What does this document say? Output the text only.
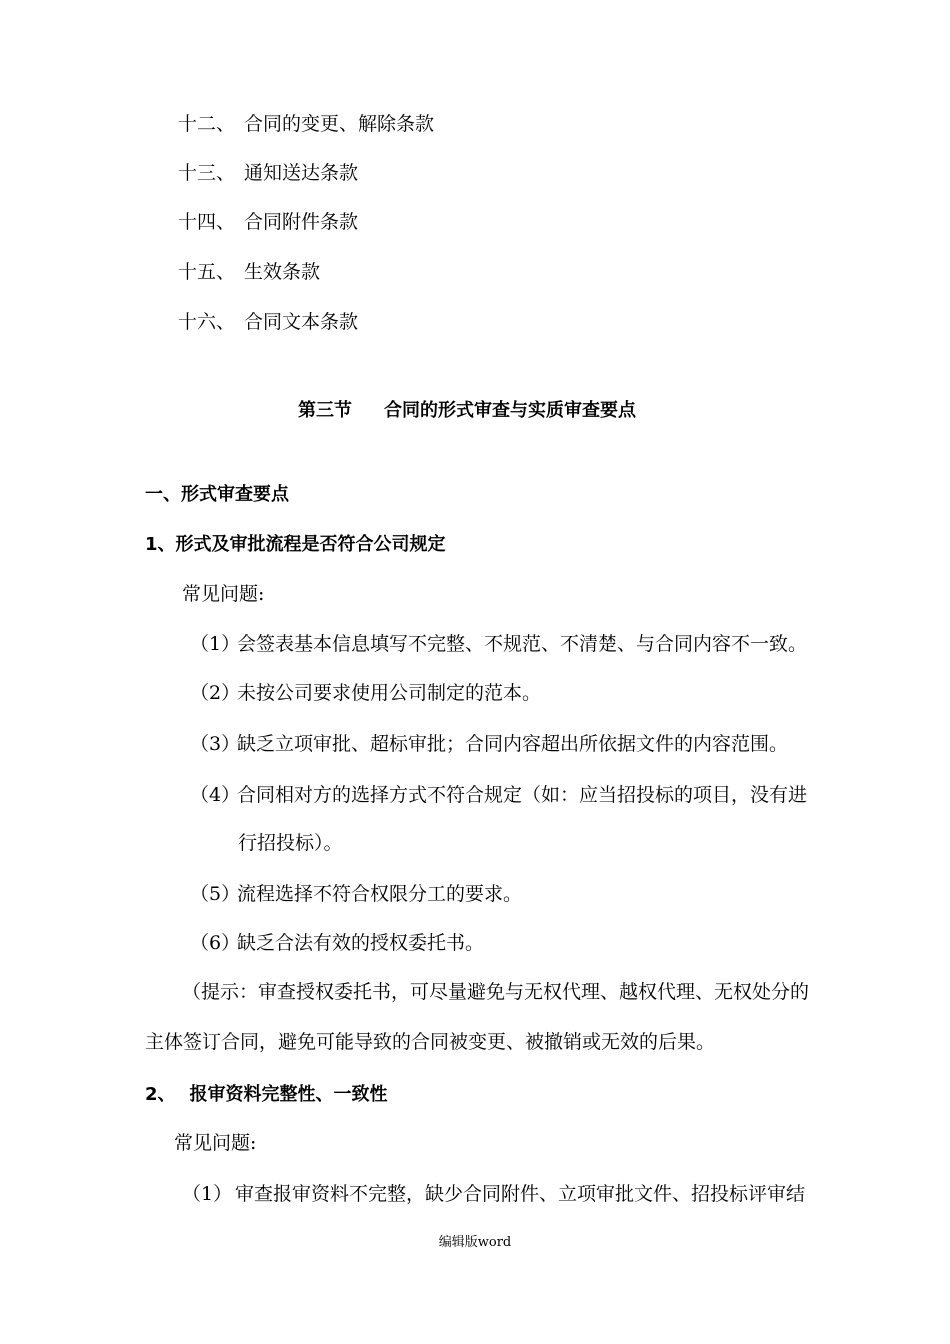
十二、 合同的变更、解除条款
十三、 通知送达条款
十四、 合同附件条款
十五、 生效条款
十六、 合同文本条款
第三节 合同的形式审查与实质审查要点
一、形式审查要点
1、形式及审批流程是否符合公司规定
常见问题:
（1）会签表基本信息填写不完整、不规范、不清楚、与合同内容不一致。
（2）未按公司要求使用公司制定的范本。
（3）缺乏立项审批、超标审批；合同内容超出所依据文件的内容范围。
（4）合同相对方的选择方式不符合规定（如：应当招投标的项目，没有进
行招投标）。
（5）流程选择不符合权限分工的要求。
（6）缺乏合法有效的授权委托书。
（提示：审查授权委托书，可尽量避免与无权代理、越权代理、无权处分的
主体签订合同，避免可能导致的合同被变更、被撤销或无效的后果。
2、 报审资料完整性、一致性
常见问题:
（1） 审查报审资料不完整，缺少合同附件、立项审批文件、招投标评审结
编辑版word
